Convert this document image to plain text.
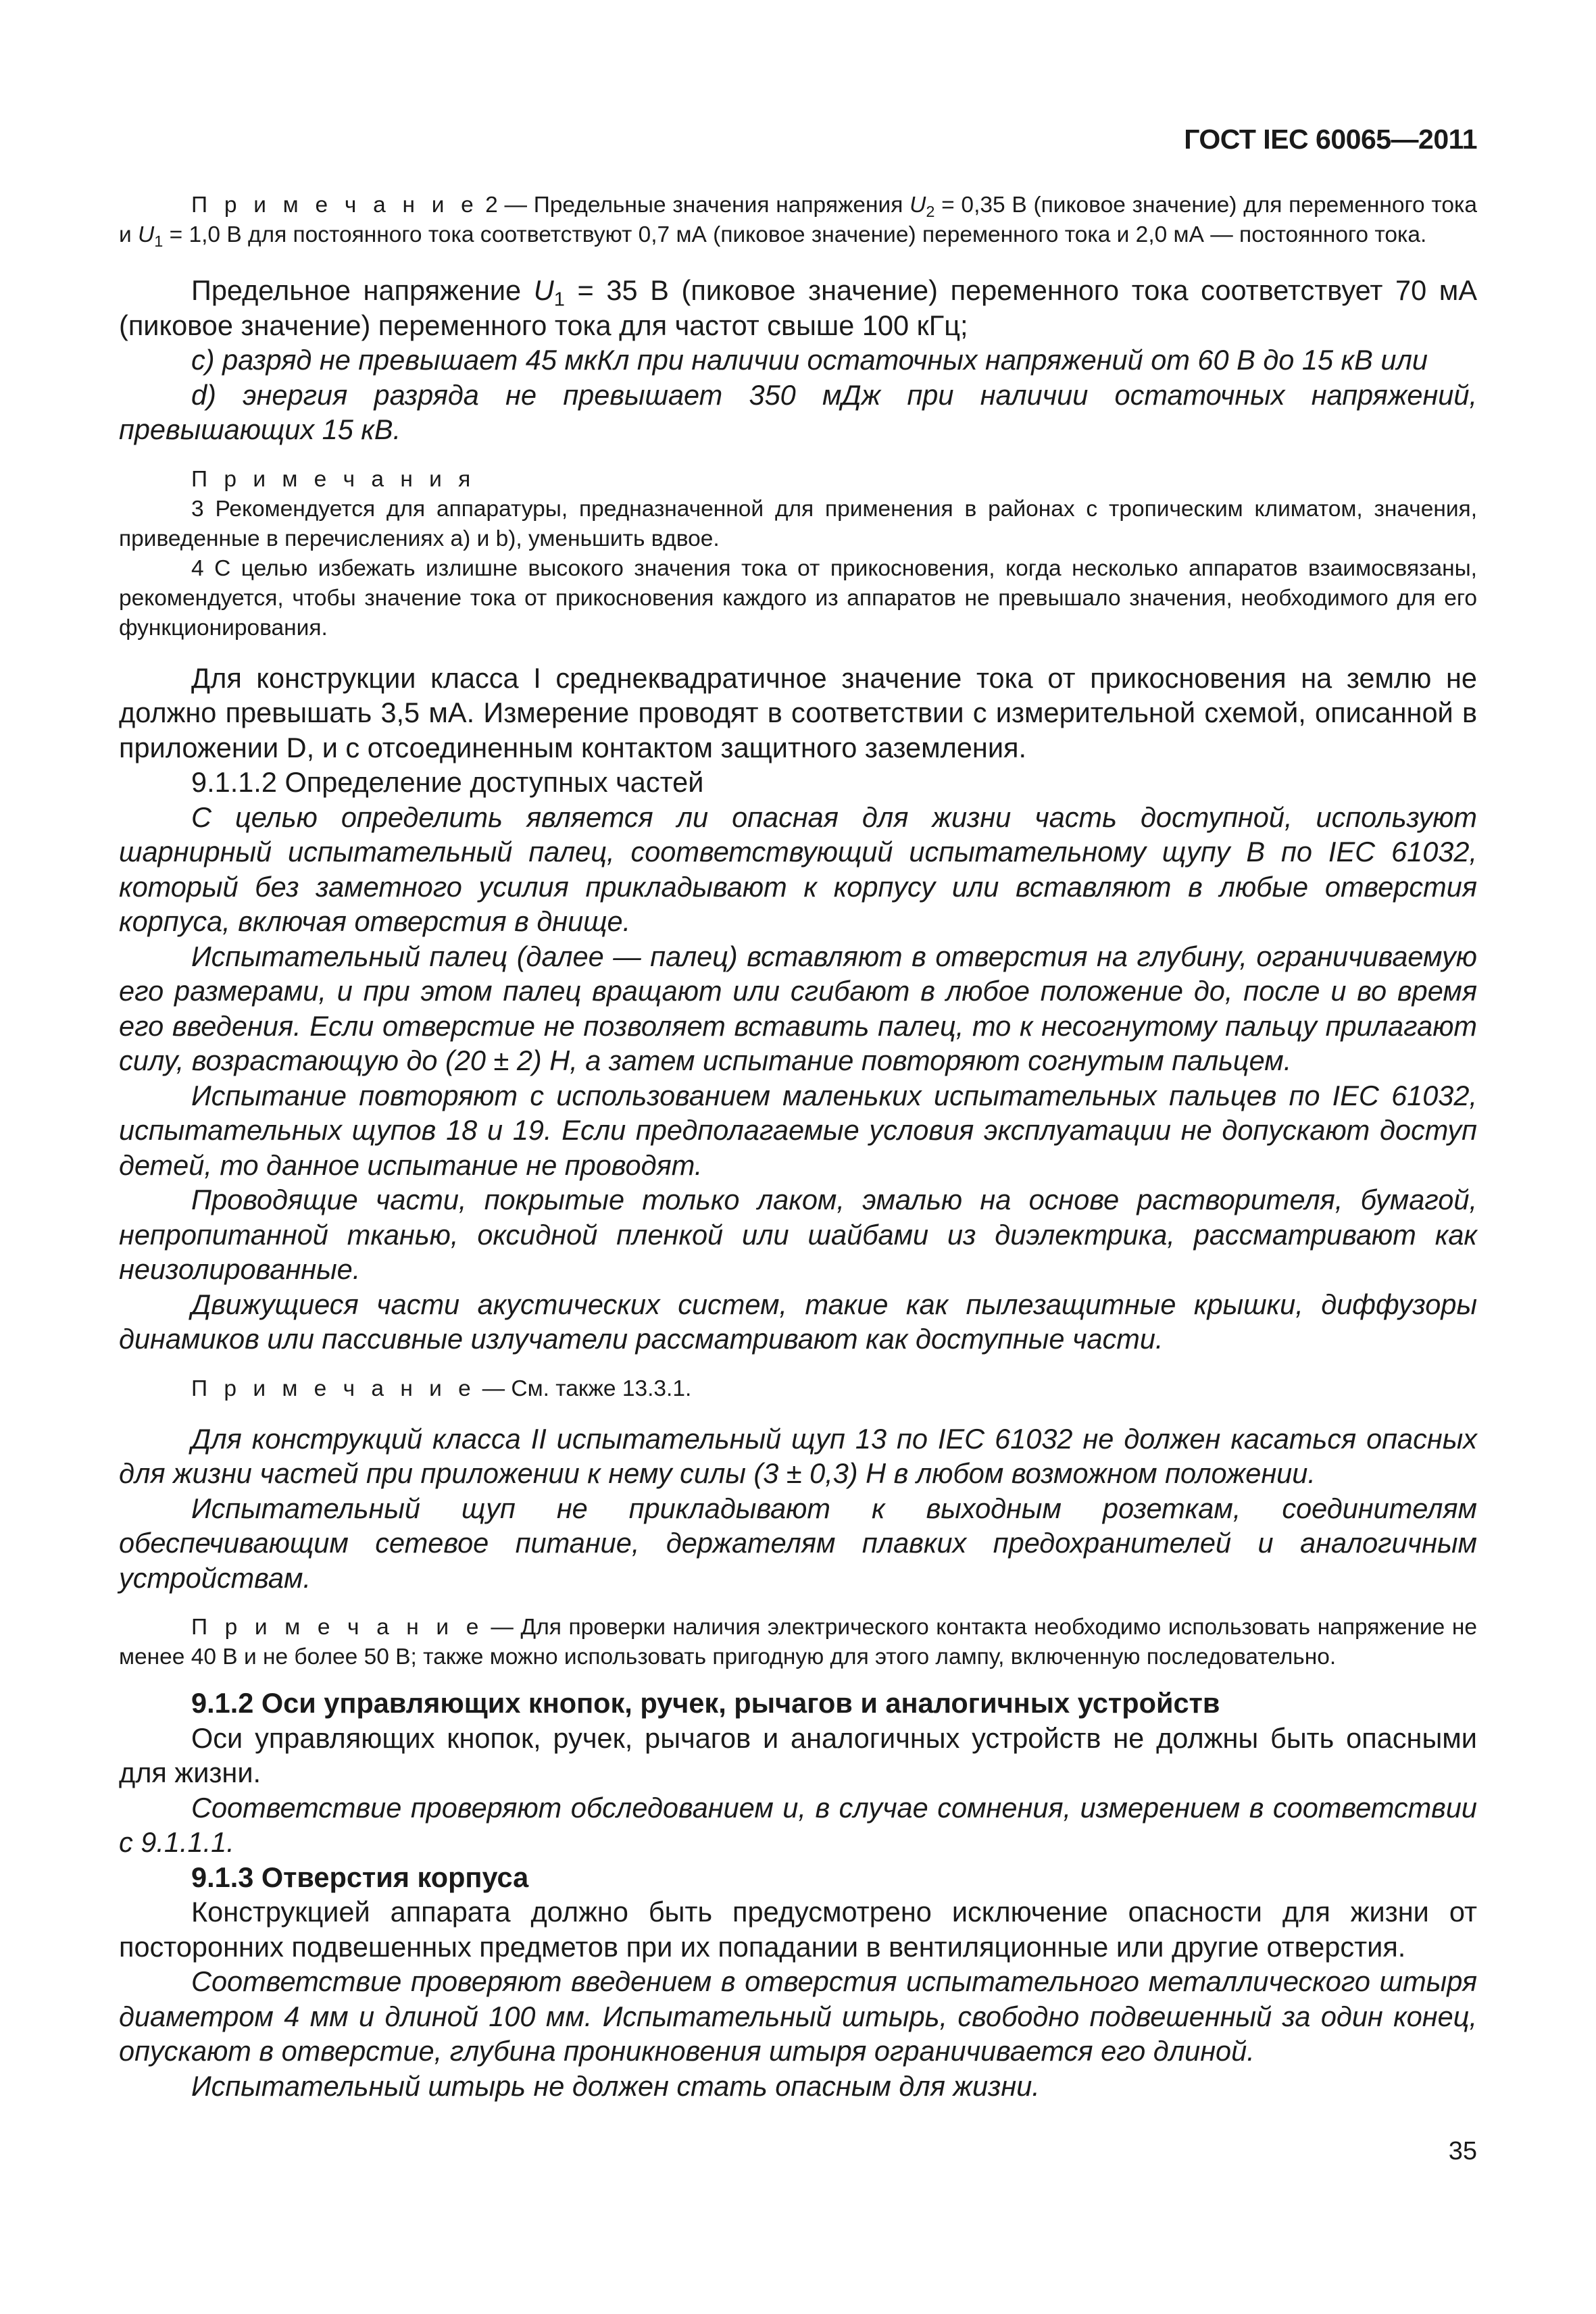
ГОСТ IEC 60065—2011

П р и м е ч а н и е 2 — Предельные значения напряжения $U_2 = 0,35$ В (пиковое значение) для переменного тока и $U_1 = 1,0$ В для постоянного тока соответствуют 0,7 мА (пиковое значение) переменного тока и 2,0 мА — постоянного тока.

Предельное напряжение $U_1 = 35$ В (пиковое значение) переменного тока соответствует 70 мА (пиковое значение) переменного тока для частот свыше 100 кГц;

c) разряд не превышает 45 мкКл при наличии остаточных напряжений от 60 В до 15 кВ или

d) энергия разряда не превышает 350 мДж при наличии остаточных напряжений, превышающих 15 кВ.

П р и м е ч а н и я

3 Рекомендуется для аппаратуры, предназначенной для применения в районах с тропическим климатом, значения, приведенные в перечислениях a) и b), уменьшить вдвое.

4 С целью избежать излишне высокого значения тока от прикосновения, когда несколько аппаратов взаимосвязаны, рекомендуется, чтобы значение тока от прикосновения каждого из аппаратов не превышало значения, необходимого для его функционирования.

Для конструкции класса I среднеквадратичное значение тока от прикосновения на землю не должно превышать 3,5 мА. Измерение проводят в соответствии с измерительной схемой, описанной в приложении D, и с отсоединенным контактом защитного заземления.

9.1.1.2 Определение доступных частей

С целью определить является ли опасная для жизни часть доступной, используют шарнирный испытательный палец, соответствующий испытательному щупу B по IEC 61032, который без заметного усилия прикладывают к корпусу или вставляют в любые отверстия корпуса, включая отверстия в днище.

Испытательный палец (далее — палец) вставляют в отверстия на глубину, ограничиваемую его размерами, и при этом палец вращают или сгибают в любое положение до, после и во время его введения. Если отверстие не позволяет вставить палец, то к несогнутому пальцу прилагают силу, возрастающую до (20 ± 2) Н, а затем испытание повторяют согнутым пальцем.

Испытание повторяют с использованием маленьких испытательных пальцев по IEC 61032, испытательных щупов 18 и 19. Если предполагаемые условия эксплуатации не допускают доступ детей, то данное испытание не проводят.

Проводящие части, покрытые только лаком, эмалью на основе растворителя, бумагой, непропитанной тканью, оксидной пленкой или шайбами из диэлектрика, рассматривают как неизолированные.

Движущиеся части акустических систем, такие как пылезащитные крышки, диффузоры динамиков или пассивные излучатели рассматривают как доступные части.

П р и м е ч а н и е — См. также 13.3.1.

Для конструкций класса II испытательный щуп 13 по IEC 61032 не должен касаться опасных для жизни частей при приложении к нему силы (3 ± 0,3) Н в любом возможном положении.

Испытательный щуп не прикладывают к выходным розеткам, соединителям обеспечивающим сетевое питание, держателям плавких предохранителей и аналогичным устройствам.

П р и м е ч а н и е — Для проверки наличия электрического контакта необходимо использовать напряжение не менее 40 В и не более 50 В; также можно использовать пригодную для этого лампу, включенную последовательно.

9.1.2 Оси управляющих кнопок, ручек, рычагов и аналогичных устройств

Оси управляющих кнопок, ручек, рычагов и аналогичных устройств не должны быть опасными для жизни.

Соответствие проверяют обследованием и, в случае сомнения, измерением в соответствии с 9.1.1.1.

9.1.3 Отверстия корпуса

Конструкцией аппарата должно быть предусмотрено исключение опасности для жизни от посторонних подвешенных предметов при их попадании в вентиляционные или другие отверстия.

Соответствие проверяют введением в отверстия испытательного металлического штыря диаметром 4 мм и длиной 100 мм. Испытательный штырь, свободно подвешенный за один конец, опускают в отверстие, глубина проникновения штыря ограничивается его длиной.

Испытательный штырь не должен стать опасным для жизни.

35
